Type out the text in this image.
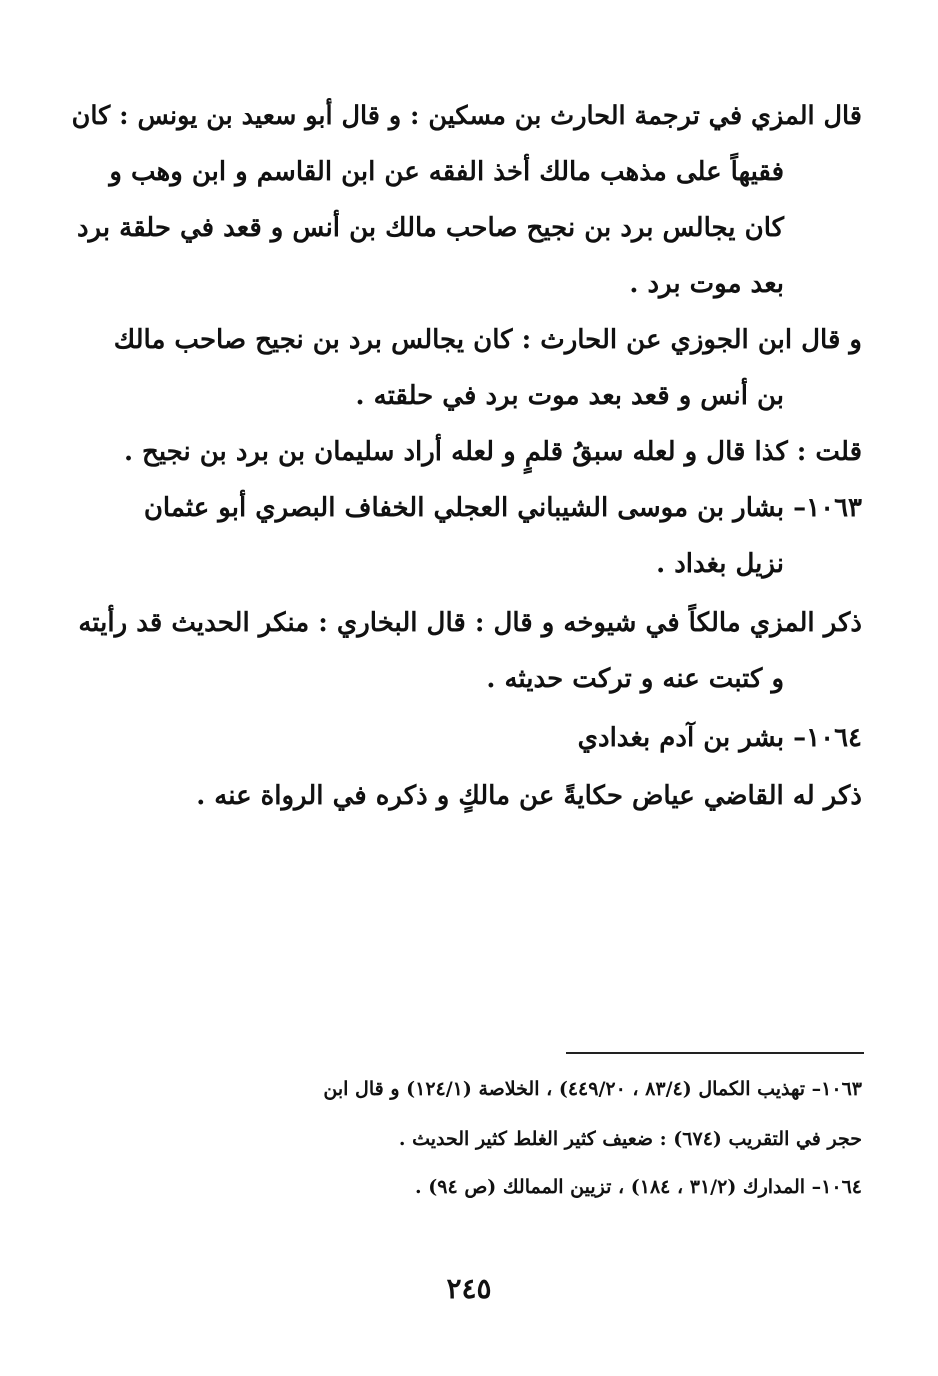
قال المزي في ترجمة الحارث بن مسكين : و قال أبو سعيد بن يونس : كان

فقيهاً على مذهب مالك أخذ الفقه عن ابن القاسم و ابن وهب و

كان يجالس برد بن نجيح صاحب مالك بن أنس و قعد في حلقة برد

بعد موت برد .

و قال ابن الجوزي عن الحارث : كان يجالس برد بن نجيح صاحب مالك

بن أنس و قعد بعد موت برد في حلقته .

قلت : كذا قال و لعله سبقُ قلمٍ و لعله أراد سليمان بن برد بن نجيح .

١٠٦٣– بشار بن موسى الشيباني العجلي الخفاف البصري أبو عثمان

نزيل بغداد .

ذكر المزي مالكاً في شيوخه و قال : قال البخاري : منكر الحديث قد رأيته

و كتبت عنه و تركت حديثه .

١٠٦٤– بشر بن آدم بغدادي

ذكر له القاضي عياض حكايةً عن مالكٍ و ذكره في الرواة عنه .

١٠٦٣– تهذيب الكمال (٨٣/٤ ، ٤٤٩/٢٠) ، الخلاصة (١٢٤/١) و قال ابن

حجر في التقريب (٦٧٤) : ضعيف كثير الغلط كثير الحديث .

١٠٦٤– المدارك (٣١/٢ ، ١٨٤) ، تزيين الممالك (ص ٩٤) .

٢٤٥
